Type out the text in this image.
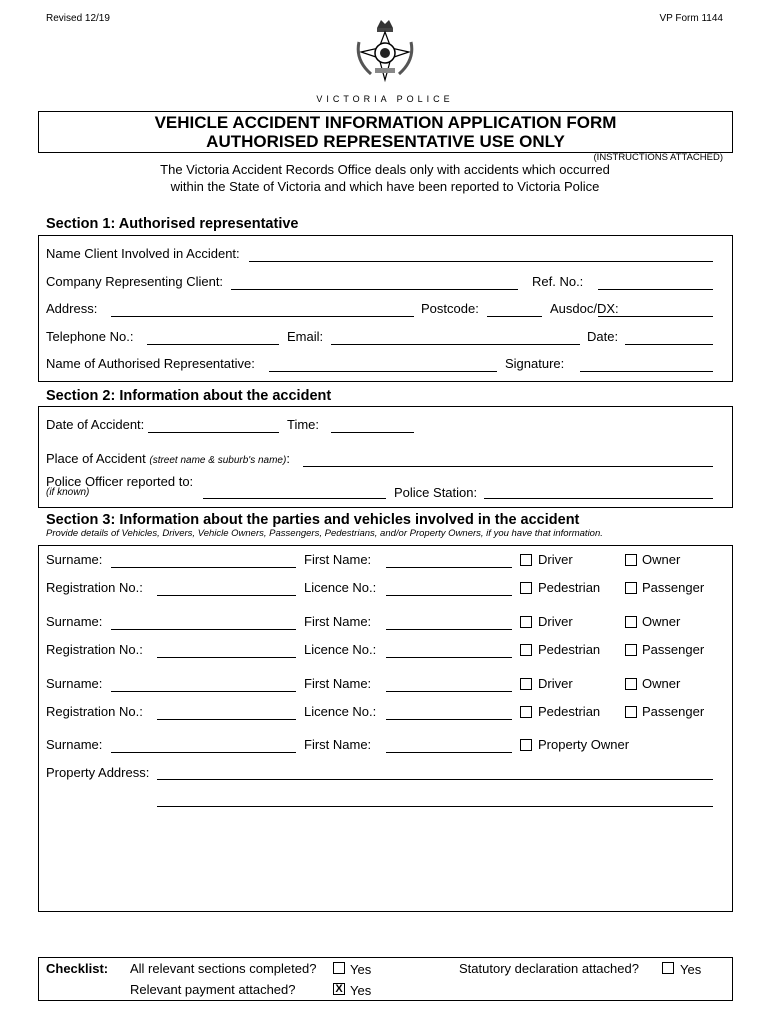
Revised 12/19	VP Form 1144
VICTORIA POLICE
VEHICLE ACCIDENT INFORMATION APPLICATION FORM
AUTHORISED REPRESENTATIVE USE ONLY
(INSTRUCTIONS ATTACHED)
The Victoria Accident Records Office deals only with accidents which occurred
within the State of Victoria and which have been reported to Victoria Police
Section 1: Authorised representative
Name Client Involved in Accident:
Company Representing Client:	Ref. No.:
Address:	Postcode:	Ausdoc/DX:
Telephone No.:	Email:	Date:
Name of Authorised Representative:	Signature:
Section 2: Information about the accident
Date of Accident:	Time:
Place of Accident (street name & suburb's name):
Police Officer reported to:
(if known)	Police Station:
Section 3: Information about the parties and vehicles involved in the accident
Provide details of Vehicles, Drivers, Vehicle Owners, Passengers, Pedestrians, and/or Property Owners, if you have that information.
Surname:	First Name:	Driver	Owner
Registration No.:	Licence No.:	Pedestrian	Passenger
Surname:	First Name:	Driver	Owner
Registration No.:	Licence No.:	Pedestrian	Passenger
Surname:	First Name:	Driver	Owner
Registration No.:	Licence No.:	Pedestrian	Passenger
Surname:	First Name:	Property Owner
Property Address:
Checklist: All relevant sections completed?	Yes	Statutory declaration attached?	Yes
Relevant payment attached?	X Yes
